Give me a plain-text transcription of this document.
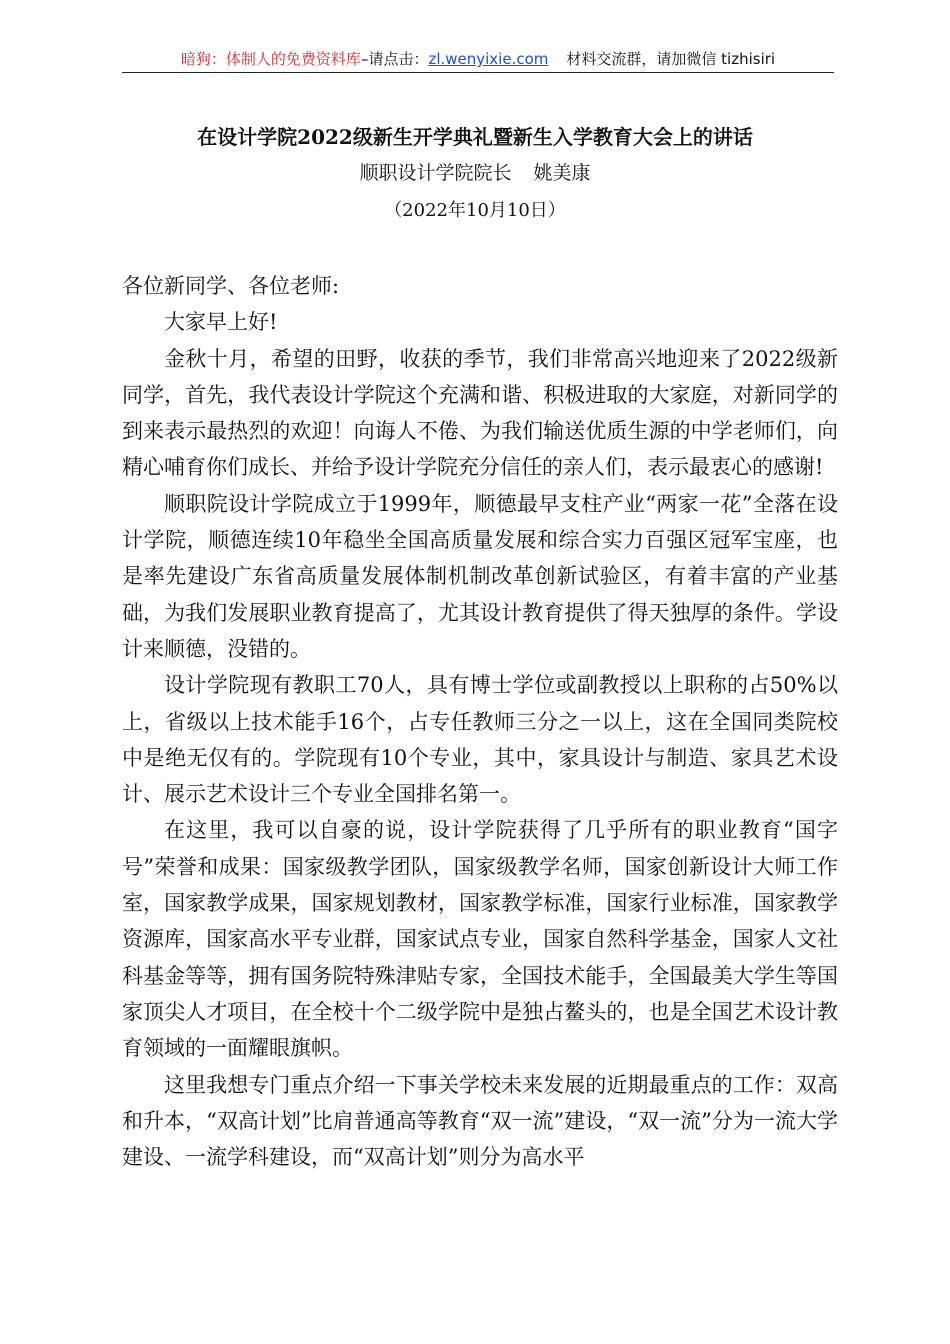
暗狗：体制人的免费资料库–请点击：zl.wenyixie.com 材料交流群，请加微信 tizhisiri
在设计学院2022级新生开学典礼暨新生入学教育大会上的讲话
顺职设计学院院长 姚美康
（2022年10月10日）

各位新同学、各位老师:

大家早上好!

金秋十月，希望的田野，收获的季节，我们非常高兴地迎来了2022级新同学，首先，我代表设计学院这个充满和谐、积极进取的大家庭，对新同学的到来表示最热烈的欢迎！向诲人不倦、为我们输送优质生源的中学老师们，向精心哺育你们成长、并给予设计学院充分信任的亲人们，表示最衷心的感谢!

顺职院设计学院成立于1999年，顺德最早支柱产业“两家一花”全落在设计学院，顺德连续10年稳坐全国高质量发展和综合实力百强区冠军宝座，也是率先建设广东省高质量发展体制机制改革创新试验区，有着丰富的产业基础，为我们发展职业教育提高了，尤其设计教育提供了得天独厚的条件。学设计来顺德，没错的。

设计学院现有教职工70人，具有博士学位或副教授以上职称的占50%以上，省级以上技术能手16个，占专任教师三分之一以上，这在全国同类院校中是绝无仅有的。学院现有10个专业，其中，家具设计与制造、家具艺术设计、展示艺术设计三个专业全国排名第一。

在这里，我可以自豪的说，设计学院获得了几乎所有的职业教育“国字号”荣誉和成果：国家级教学团队，国家级教学名师，国家创新设计大师工作室，国家教学成果，国家规划教材，国家教学标准，国家行业标准，国家教学资源库，国家高水平专业群，国家试点专业，国家自然科学基金，国家人文社科基金等等，拥有国务院特殊津贴专家，全国技术能手，全国最美大学生等国家顶尖人才项目，在全校十个二级学院中是独占鳌头的，也是全国艺术设计教育领域的一面耀眼旗帜。

这里我想专门重点介绍一下事关学校未来发展的近期最重点的工作：双高和升本，“双高计划”比肩普通高等教育“双一流”建设，“双一流”分为一流大学建设、一流学科建设，而“双高计划”则分为高水平
